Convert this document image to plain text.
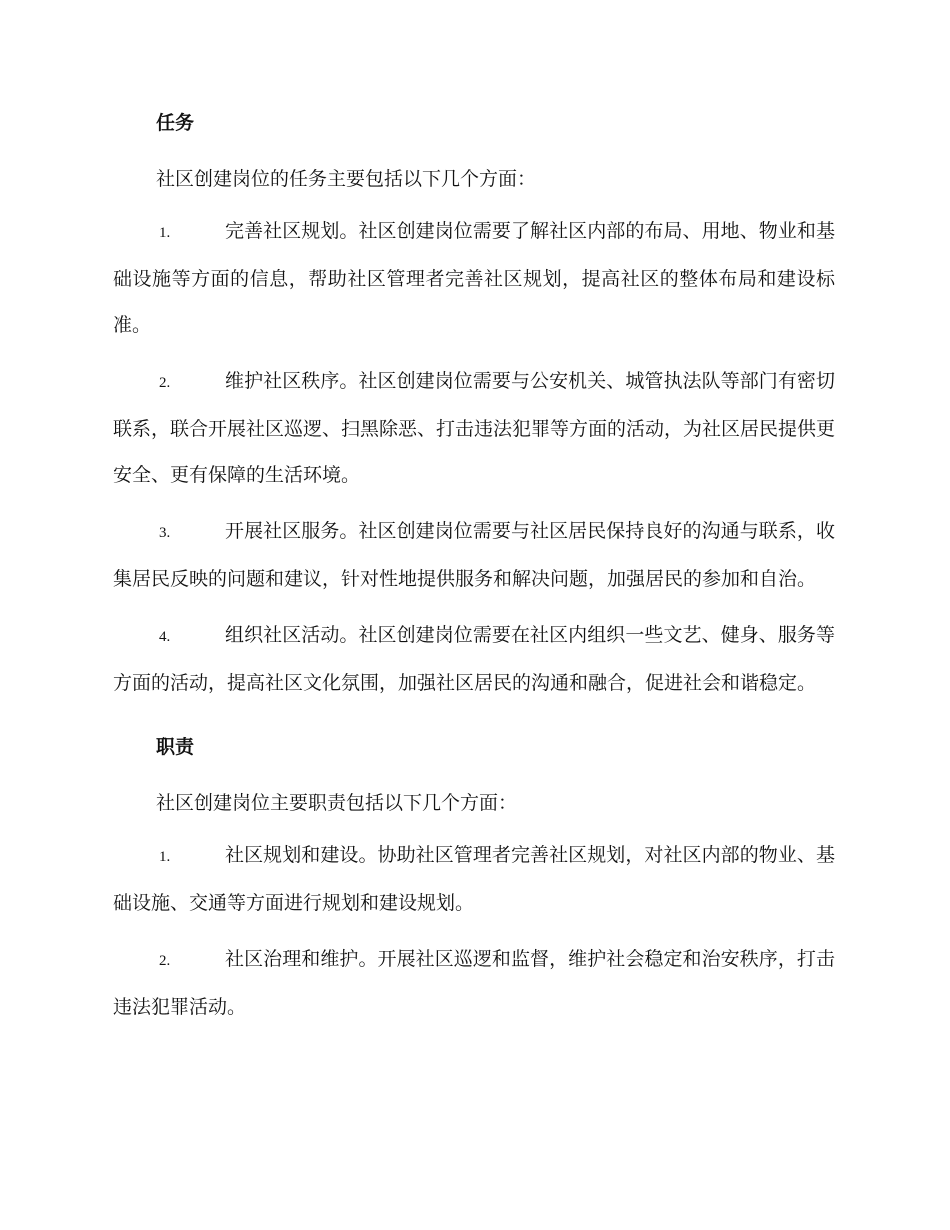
任务
社区创建岗位的任务主要包括以下几个方面：
1.	完善社区规划。社区创建岗位需要了解社区内部的布局、用地、物业和基础设施等方面的信息，帮助社区管理者完善社区规划，提高社区的整体布局和建设标准。
2.	维护社区秩序。社区创建岗位需要与公安机关、城管执法队等部门有密切联系，联合开展社区巡逻、扫黑除恶、打击违法犯罪等方面的活动，为社区居民提供更安全、更有保障的生活环境。
3.	开展社区服务。社区创建岗位需要与社区居民保持良好的沟通与联系，收集居民反映的问题和建议，针对性地提供服务和解决问题，加强居民的参加和自治。
4.	组织社区活动。社区创建岗位需要在社区内组织一些文艺、健身、服务等方面的活动，提高社区文化氛围，加强社区居民的沟通和融合，促进社会和谐稳定。
职责
社区创建岗位主要职责包括以下几个方面：
1.	社区规划和建设。协助社区管理者完善社区规划，对社区内部的物业、基础设施、交通等方面进行规划和建设规划。
2.	社区治理和维护。开展社区巡逻和监督，维护社会稳定和治安秩序，打击违法犯罪活动。
